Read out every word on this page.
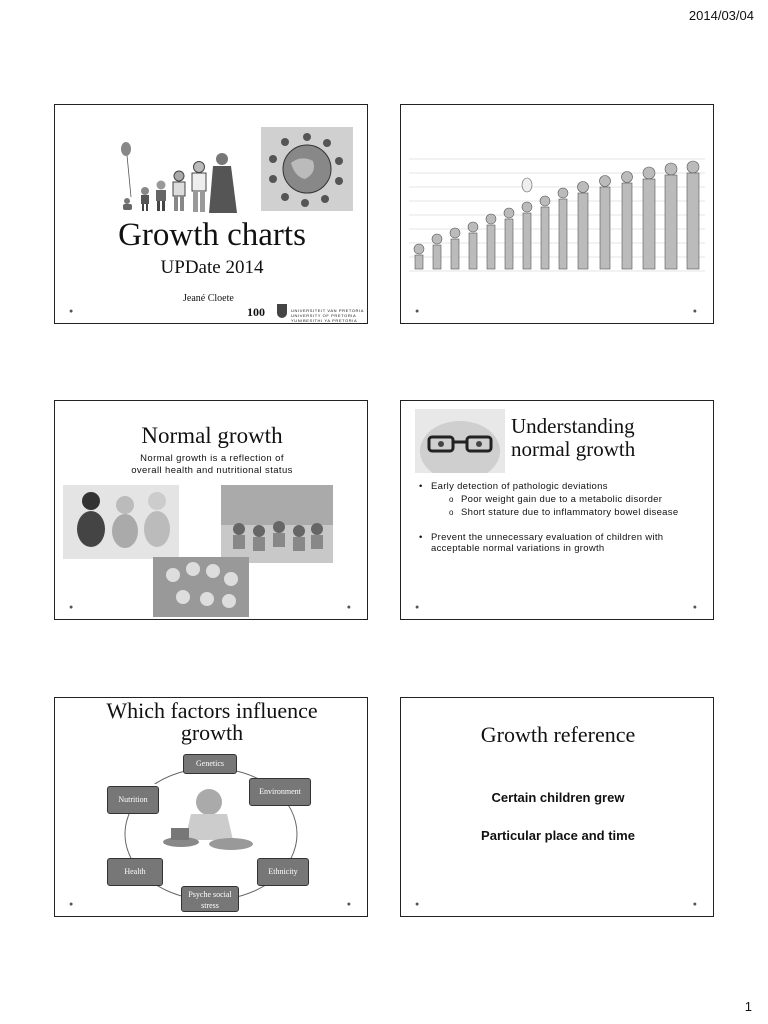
2014/03/04
Growth charts
UPDate 2014
Jeané Cloete
100	UNIVERSITEIT VAN PRETORIA
UNIVERSITY OF PRETORIA
YUNIBESITHI YA PRETORIA
●	●	●
Normal growth
Normal growth is a reflection of
overall health and nutritional status
●	●
Understanding
normal growth
• Early detection of pathologic deviations
o Poor weight gain due to a metabolic disorder
o Short stature due to inflammatory bowel disease
• Prevent the unnecessary evaluation of children with acceptable normal variations in growth
●	●
Which factors influence
growth
Genetics
Environment
Nutrition
Health	Ethnicity
Psyche social stress
●	●
Growth reference
Certain children grew
Particular place and time
●	●
1
